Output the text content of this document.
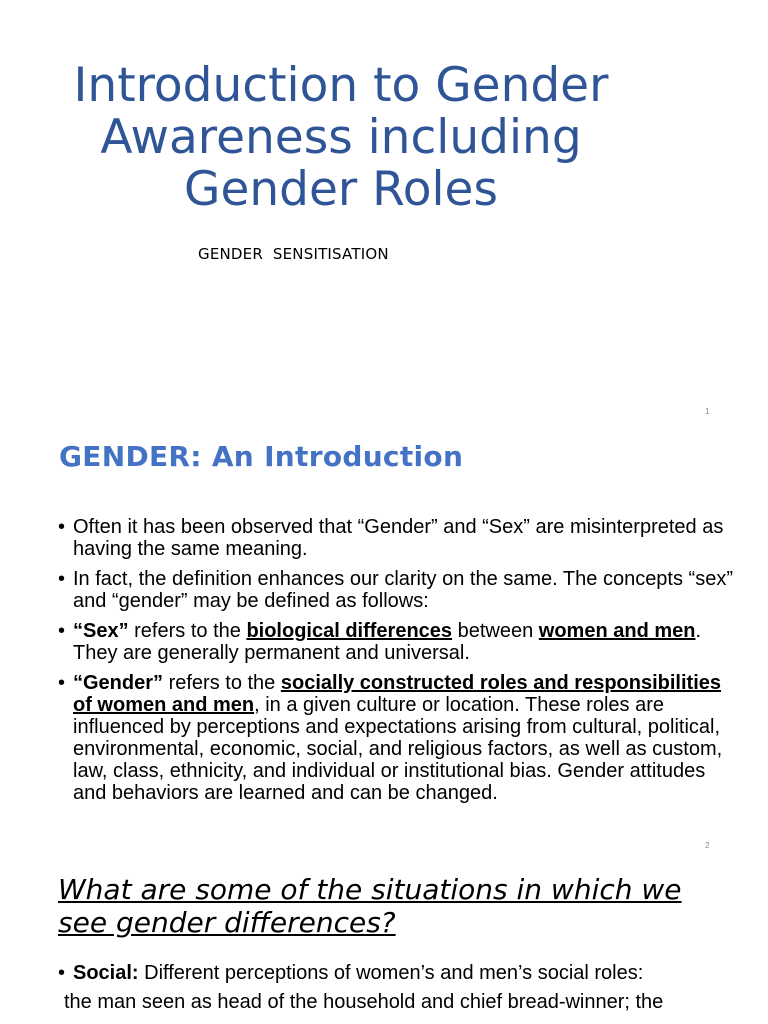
Introduction to Gender
Awareness including
Gender Roles
GENDER  SENSITISATION
1
GENDER: An Introduction
• Often it has been observed that “Gender” and “Sex” are misinterpreted as having the same meaning.
• In fact, the definition enhances our clarity on the same. The concepts “sex” and “gender” may be defined as follows:
• “Sex” refers to the biological differences between women and men. They are generally permanent and universal.
• “Gender” refers to the socially constructed roles and responsibilities of women and men, in a given culture or location. These roles are influenced by perceptions and expectations arising from cultural, political, environmental, economic, social, and religious factors, as well as custom, law, class, ethnicity, and individual or institutional bias. Gender attitudes and behaviors are learned and can be changed.
2
What are some of the situations in which we see gender differences?
• Social: Different perceptions of women’s and men’s social roles:
the man seen as head of the household and chief bread-winner; the
